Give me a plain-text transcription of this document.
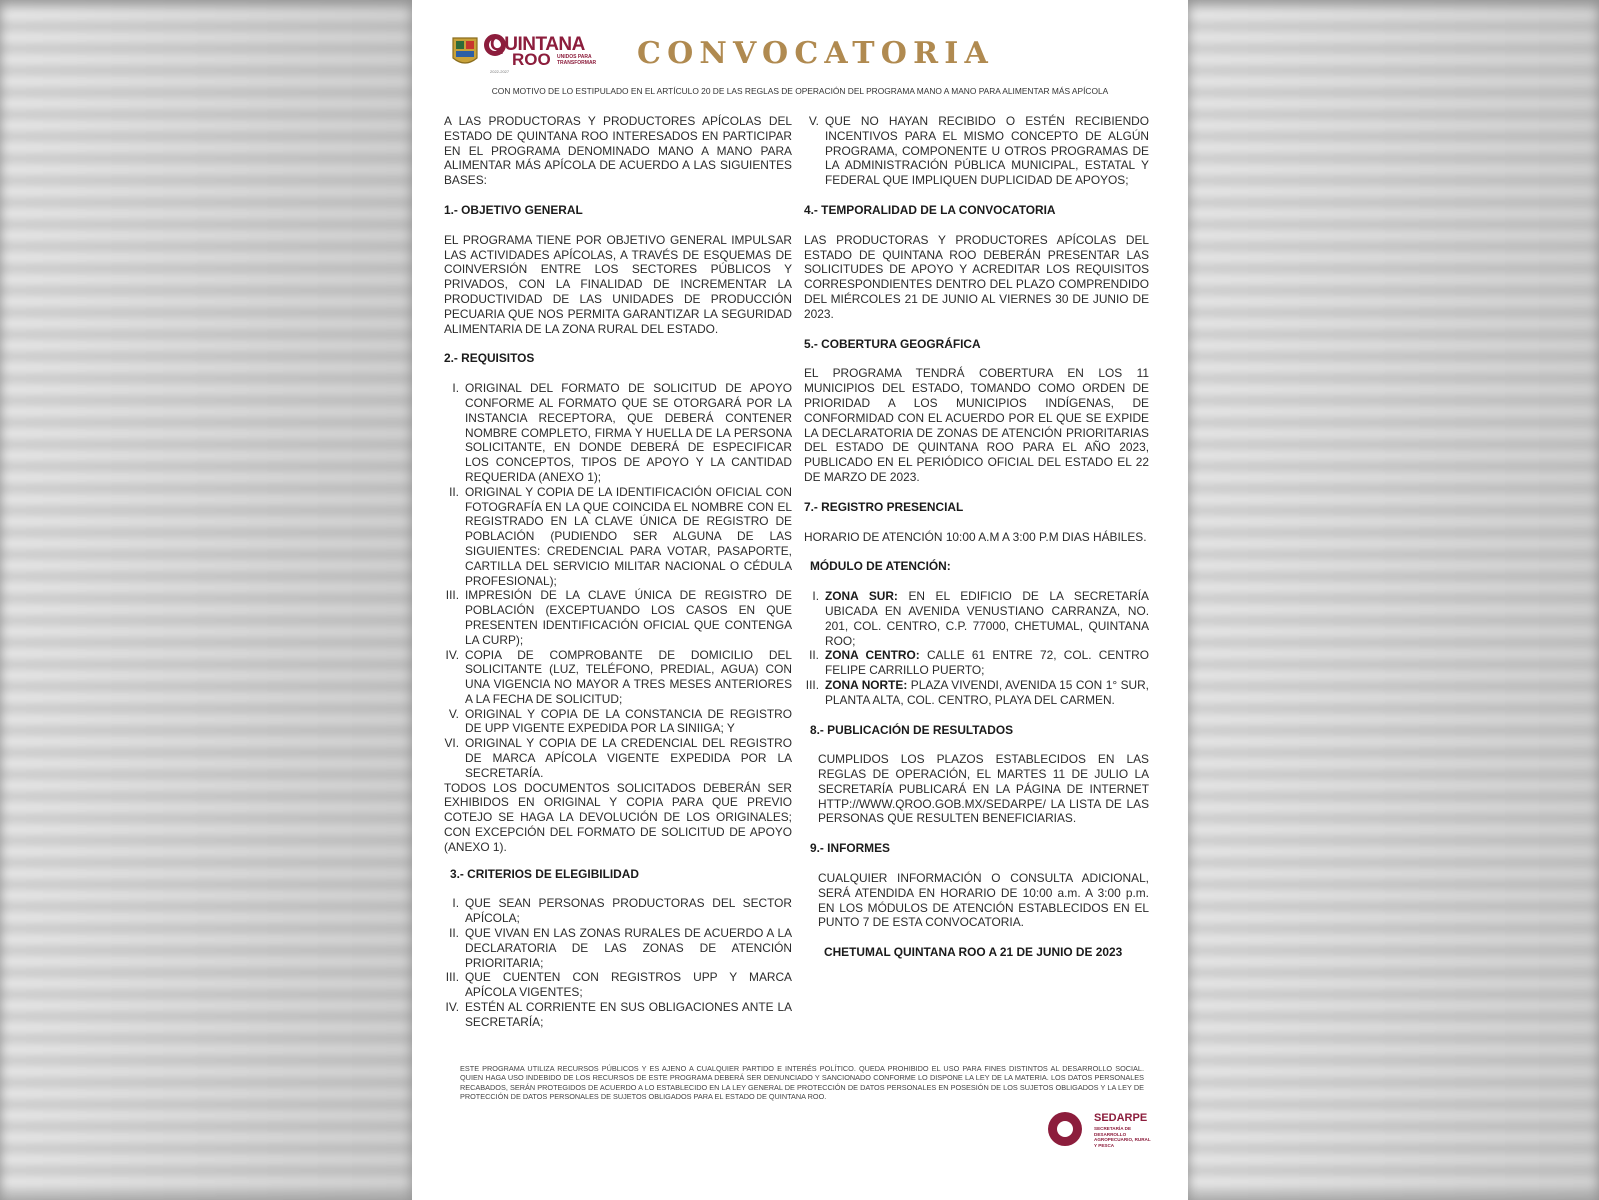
QUINTANA
ROO UNIDOS PARA TRANSFORMAR
2022-2027
CONVOCATORIA
CON MOTIVO DE LO ESTIPULADO EN EL ARTÍCULO 20 DE LAS REGLAS DE OPERACIÓN DEL PROGRAMA MANO A MANO PARA ALIMENTAR MÁS APÍCOLA

A LAS PRODUCTORAS Y PRODUCTORES APÍCOLAS DEL ESTADO DE QUINTANA ROO INTERESADOS EN PARTICIPAR EN EL PROGRAMA DENOMINADO MANO A MANO PARA ALIMENTAR MÁS APÍCOLA DE ACUERDO A LAS SIGUIENTES BASES:

1.- OBJETIVO GENERAL

EL PROGRAMA TIENE POR OBJETIVO GENERAL IMPULSAR LAS ACTIVIDADES APÍCOLAS, A TRAVÉS DE ESQUEMAS DE COINVERSIÓN ENTRE LOS SECTORES PÚBLICOS Y PRIVADOS, CON LA FINALIDAD DE INCREMENTAR LA PRODUCTIVIDAD DE LAS UNIDADES DE PRODUCCIÓN PECUARIA QUE NOS PERMITA GARANTIZAR LA SEGURIDAD ALIMENTARIA DE LA ZONA RURAL DEL ESTADO.

2.- REQUISITOS
I. ORIGINAL DEL FORMATO DE SOLICITUD DE APOYO CONFORME AL FORMATO QUE SE OTORGARÁ POR LA INSTANCIA RECEPTORA, QUE DEBERÁ CONTENER NOMBRE COMPLETO, FIRMA Y HUELLA DE LA PERSONA SOLICITANTE, EN DONDE DEBERÁ DE ESPECIFICAR LOS CONCEPTOS, TIPOS DE APOYO Y LA CANTIDAD REQUERIDA (ANEXO 1);
II. ORIGINAL Y COPIA DE LA IDENTIFICACIÓN OFICIAL CON FOTOGRAFÍA EN LA QUE COINCIDA EL NOMBRE CON EL REGISTRADO EN LA CLAVE ÚNICA DE REGISTRO DE POBLACIÓN (PUDIENDO SER ALGUNA DE LAS SIGUIENTES: CREDENCIAL PARA VOTAR, PASAPORTE, CARTILLA DEL SERVICIO MILITAR NACIONAL O CÉDULA PROFESIONAL);
III. IMPRESIÓN DE LA CLAVE ÚNICA DE REGISTRO DE POBLACIÓN (EXCEPTUANDO LOS CASOS EN QUE PRESENTEN IDENTIFICACIÓN OFICIAL QUE CONTENGA LA CURP);
IV. COPIA DE COMPROBANTE DE DOMICILIO DEL SOLICITANTE (LUZ, TELÉFONO, PREDIAL, AGUA) CON UNA VIGENCIA NO MAYOR A TRES MESES ANTERIORES A LA FECHA DE SOLICITUD;
V. ORIGINAL Y COPIA DE LA CONSTANCIA DE REGISTRO DE UPP VIGENTE EXPEDIDA POR LA SINIIGA; Y
VI. ORIGINAL Y COPIA DE LA CREDENCIAL DEL REGISTRO DE MARCA APÍCOLA VIGENTE EXPEDIDA POR LA SECRETARÍA.

TODOS LOS DOCUMENTOS SOLICITADOS DEBERÁN SER EXHIBIDOS EN ORIGINAL Y COPIA PARA QUE PREVIO COTEJO SE HAGA LA DEVOLUCIÓN DE LOS ORIGINALES; CON EXCEPCIÓN DEL FORMATO DE SOLICITUD DE APOYO (ANEXO 1).

3.- CRITERIOS DE ELEGIBILIDAD
I. QUE SEAN PERSONAS PRODUCTORAS DEL SECTOR APÍCOLA;
II. QUE VIVAN EN LAS ZONAS RURALES DE ACUERDO A LA DECLARATORIA DE LAS ZONAS DE ATENCIÓN PRIORITARIA;
III. QUE CUENTEN CON REGISTROS UPP Y MARCA APÍCOLA VIGENTES;
IV. ESTÉN AL CORRIENTE EN SUS OBLIGACIONES ANTE LA SECRETARÍA;
V. QUE NO HAYAN RECIBIDO O ESTÉN RECIBIENDO INCENTIVOS PARA EL MISMO CONCEPTO DE ALGÚN PROGRAMA, COMPONENTE U OTROS PROGRAMAS DE LA ADMINISTRACIÓN PÚBLICA MUNICIPAL, ESTATAL Y FEDERAL QUE IMPLIQUEN DUPLICIDAD DE APOYOS;
4.- TEMPORALIDAD DE LA CONVOCATORIA

LAS PRODUCTORAS Y PRODUCTORES APÍCOLAS DEL ESTADO DE QUINTANA ROO DEBERÁN PRESENTAR LAS SOLICITUDES DE APOYO Y ACREDITAR LOS REQUISITOS CORRESPONDIENTES DENTRO DEL PLAZO COMPRENDIDO DEL MIÉRCOLES 21 DE JUNIO AL VIERNES 30 DE JUNIO DE 2023.

5.- COBERTURA GEOGRÁFICA

EL PROGRAMA TENDRÁ COBERTURA EN LOS 11 MUNICIPIOS DEL ESTADO, TOMANDO COMO ORDEN DE PRIORIDAD A LOS MUNICIPIOS INDÍGENAS, DE CONFORMIDAD CON EL ACUERDO POR EL QUE SE EXPIDE LA DECLARATORIA DE ZONAS DE ATENCIÓN PRIORITARIAS DEL ESTADO DE QUINTANA ROO PARA EL AÑO 2023, PUBLICADO EN EL PERIÓDICO OFICIAL DEL ESTADO EL 22 DE MARZO DE 2023.

7.- REGISTRO PRESENCIAL

HORARIO DE ATENCIÓN 10:00 A.M A 3:00 P.M DIAS HÁBILES.

MÓDULO DE ATENCIÓN:
I. ZONA SUR: EN EL EDIFICIO DE LA SECRETARÍA UBICADA EN AVENIDA VENUSTIANO CARRANZA, NO. 201, COL. CENTRO, C.P. 77000, CHETUMAL, QUINTANA ROO;
II. ZONA CENTRO: CALLE 61 ENTRE 72, COL. CENTRO FELIPE CARRILLO PUERTO;
III. ZONA NORTE: PLAZA VIVENDI, AVENIDA 15 CON 1° SUR, PLANTA ALTA, COL. CENTRO, PLAYA DEL CARMEN.
8.- PUBLICACIÓN DE RESULTADOS

CUMPLIDOS LOS PLAZOS ESTABLECIDOS EN LAS REGLAS DE OPERACIÓN, EL MARTES 11 DE JULIO LA SECRETARÍA PUBLICARÁ EN LA PÁGINA DE INTERNET HTTP://WWW.QROO.GOB.MX/SEDARPE/ LA LISTA DE LAS PERSONAS QUE RESULTEN BENEFICIARIAS.

9.- INFORMES

CUALQUIER INFORMACIÓN O CONSULTA ADICIONAL, SERÁ ATENDIDA EN HORARIO DE 10:00 a.m. A 3:00 p.m. EN LOS MÓDULOS DE ATENCIÓN ESTABLECIDOS EN EL PUNTO 7 DE ESTA CONVOCATORIA.

CHETUMAL QUINTANA ROO A 21 DE JUNIO DE 2023

ESTE PROGRAMA UTILIZA RECURSOS PÚBLICOS Y ES AJENO A CUALQUIER PARTIDO E INTERÉS POLÍTICO. QUEDA PROHIBIDO EL USO PARA FINES DISTINTOS AL DESARROLLO SOCIAL. QUIEN HAGA USO INDEBIDO DE LOS RECURSOS DE ESTE PROGRAMA DEBERÁ SER DENUNCIADO Y SANCIONADO CONFORME LO DISPONE LA LEY DE LA MATERIA. LOS DATOS PERSONALES RECABADOS, SERÁN PROTEGIDOS DE ACUERDO A LO ESTABLECIDO EN LA LEY GENERAL DE PROTECCIÓN DE DATOS PERSONALES EN POSESIÓN DE LOS SUJETOS OBLIGADOS Y LA LEY DE PROTECCIÓN DE DATOS PERSONALES DE SUJETOS OBLIGADOS PARA EL ESTADO DE QUINTANA ROO.
SEDARPE
SECRETARÍA DE DESARROLLO AGROPECUARIO, RURAL Y PESCA
